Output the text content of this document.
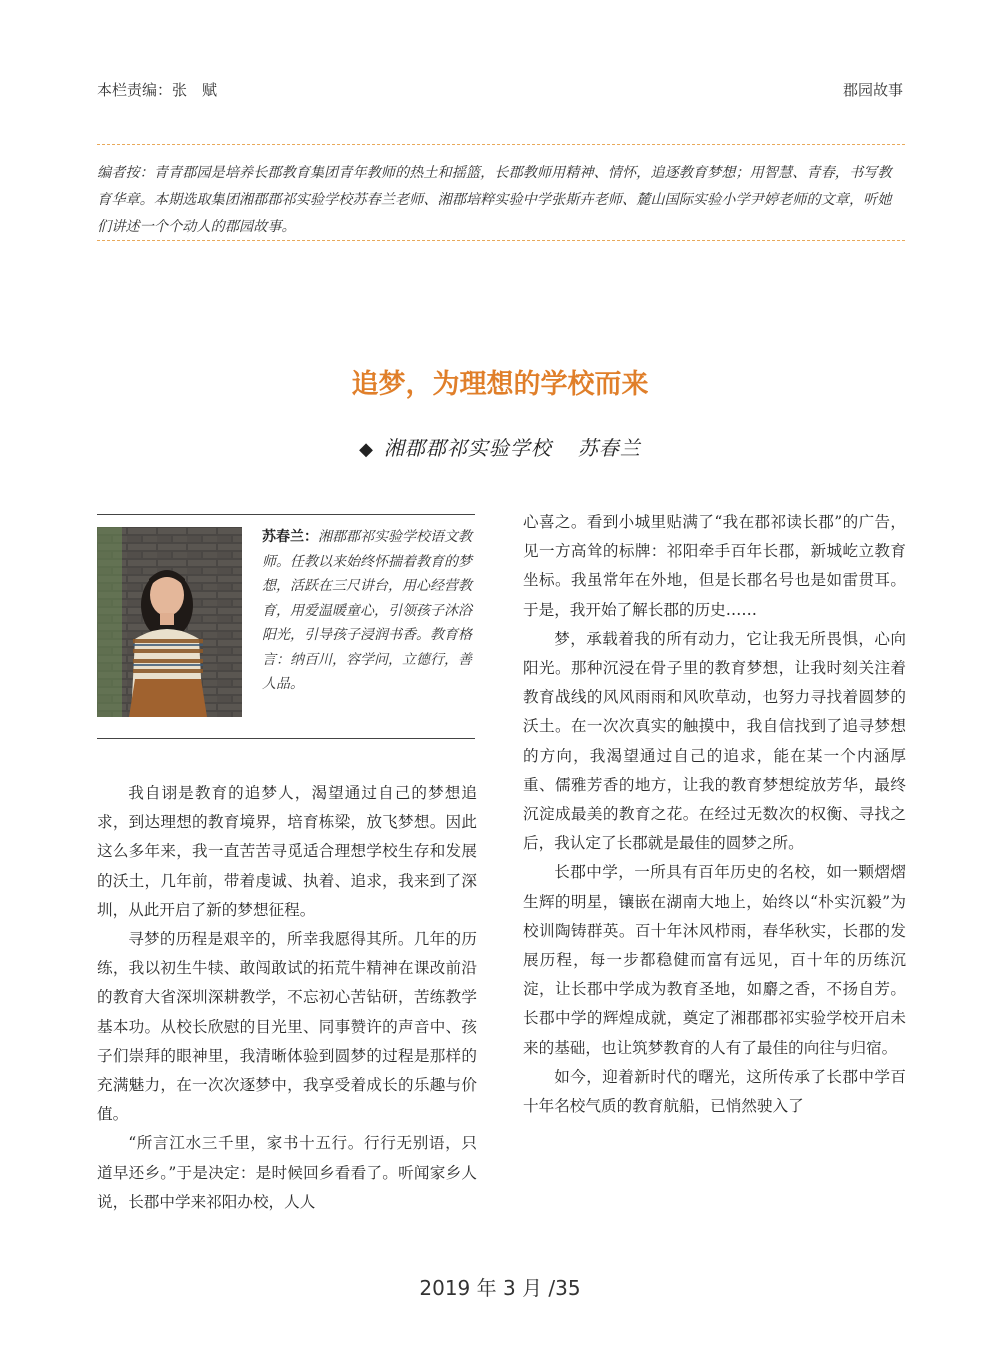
本栏责编：张　赋	郡园故事
编者按：青青郡园是培养长郡教育集团青年教师的热土和摇篮，长郡教师用精神、情怀，追逐教育梦想；用智慧、青春，书写教育华章。本期选取集团湘郡郡祁实验学校苏春兰老师、湘郡培粹实验中学张斯卉老师、麓山国际实验小学尹婷老师的文章，听她们讲述一个个动人的郡园故事。
追梦，为理想的学校而来
◆ 湘郡郡祁实验学校 苏春兰
苏春兰：湘郡郡祁实验学校语文教师。任教以来始终怀揣着教育的梦想，活跃在三尺讲台，用心经营教育，用爱温暖童心，引领孩子沐浴阳光，引导孩子浸润书香。教育格言：纳百川，容学问，立德行，善人品。

我自诩是教育的追梦人，渴望通过自己的梦想追求，到达理想的教育境界，培育栋梁，放飞梦想。因此这么多年来，我一直苦苦寻觅适合理想学校生存和发展的沃土，几年前，带着虔诚、执着、追求，我来到了深圳，从此开启了新的梦想征程。

寻梦的历程是艰辛的，所幸我愿得其所。几年的历练，我以初生牛犊、敢闯敢试的拓荒牛精神在课改前沿的教育大省深圳深耕教学，不忘初心苦钻研，苦练教学基本功。从校长欣慰的目光里、同事赞许的声音中、孩子们崇拜的眼神里，我清晰体验到圆梦的过程是那样的充满魅力，在一次次逐梦中，我享受着成长的乐趣与价值。

“所言江水三千里，家书十五行。行行无别语，只道早还乡。”于是决定：是时候回乡看看了。听闻家乡人说，长郡中学来祁阳办校，人人

心喜之。看到小城里贴满了“我在郡祁读长郡”的广告，见一方高耸的标牌：祁阳牵手百年长郡，新城屹立教育坐标。我虽常年在外地，但是长郡名号也是如雷贯耳。于是，我开始了解长郡的历史……

梦，承载着我的所有动力，它让我无所畏惧，心向阳光。那种沉浸在骨子里的教育梦想，让我时刻关注着教育战线的风风雨雨和风吹草动，也努力寻找着圆梦的沃土。在一次次真实的触摸中，我自信找到了追寻梦想的方向，我渴望通过自己的追求，能在某一个内涵厚重、儒雅芳香的地方，让我的教育梦想绽放芳华，最终沉淀成最美的教育之花。在经过无数次的权衡、寻找之后，我认定了长郡就是最佳的圆梦之所。

长郡中学，一所具有百年历史的名校，如一颗熠熠生辉的明星，镶嵌在湖南大地上，始终以“朴实沉毅”为校训陶铸群英。百十年沐风栉雨，春华秋实，长郡的发展历程，每一步都稳健而富有远见，百十年的历练沉淀，让长郡中学成为教育圣地，如麝之香，不扬自芳。长郡中学的辉煌成就，奠定了湘郡郡祁实验学校开启未来的基础，也让筑梦教育的人有了最佳的向往与归宿。

如今，迎着新时代的曙光，这所传承了长郡中学百十年名校气质的教育航船，已悄然驶入了

2019 年 3 月 /35
